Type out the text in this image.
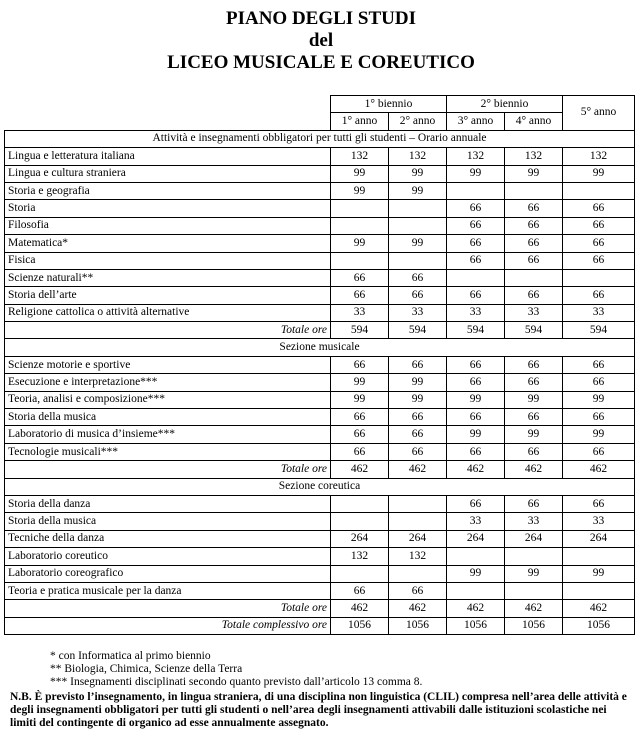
PIANO DEGLI STUDI

del

LICEO MUSICALE E COREUTICO

	1° biennio		2° biennio		5° anno
	1° anno	2° anno	3° anno	4° anno	
Attività e insegnamenti obbligatori per tutti gli studenti – Orario annuale					
Lingua e letteratura italiana	132	132	132	132	132
Lingua e cultura straniera	99	99	99	99	99
Storia e geografia	99	99			
Storia			66	66	66
Filosofia			66	66	66
Matematica*	99	99	66	66	66
Fisica			66	66	66
Scienze naturali**	66	66			
Storia dell’arte	66	66	66	66	66
Religione cattolica o attività alternative	33	33	33	33	33
Totale ore	594	594	594	594	594
Sezione musicale					
Scienze motorie e sportive	66	66	66	66	66
Esecuzione e interpretazione***	99	99	66	66	66
Teoria, analisi e composizione***	99	99	99	99	99
Storia della musica	66	66	66	66	66
Laboratorio di musica d’insieme***	66	66	99	99	99
Tecnologie musicali***	66	66	66	66	66
Totale ore	462	462	462	462	462
Sezione coreutica					
Storia della danza			66	66	66
Storia della musica			33	33	33
Tecniche della danza	264	264	264	264	264
Laboratorio coreutico	132	132			
Laboratorio coreografico			99	99	99
Teoria e pratica musicale per la danza	66	66			
Totale ore	462	462	462	462	462
Totale complessivo ore	1056	1056	1056	1056	1056
* con Informatica al primo biennio
** Biologia, Chimica, Scienze della Terra
*** Insegnamenti disciplinati secondo quanto previsto dall’articolo 13 comma 8.
N.B. È previsto l’insegnamento, in lingua straniera, di una disciplina non linguistica (CLIL) compresa nell’area delle attività e degli insegnamenti obbligatori per tutti gli studenti o nell’area degli insegnamenti attivabili dalle istituzioni scolastiche nei limiti del contingente di organico ad esse annualmente assegnato.
